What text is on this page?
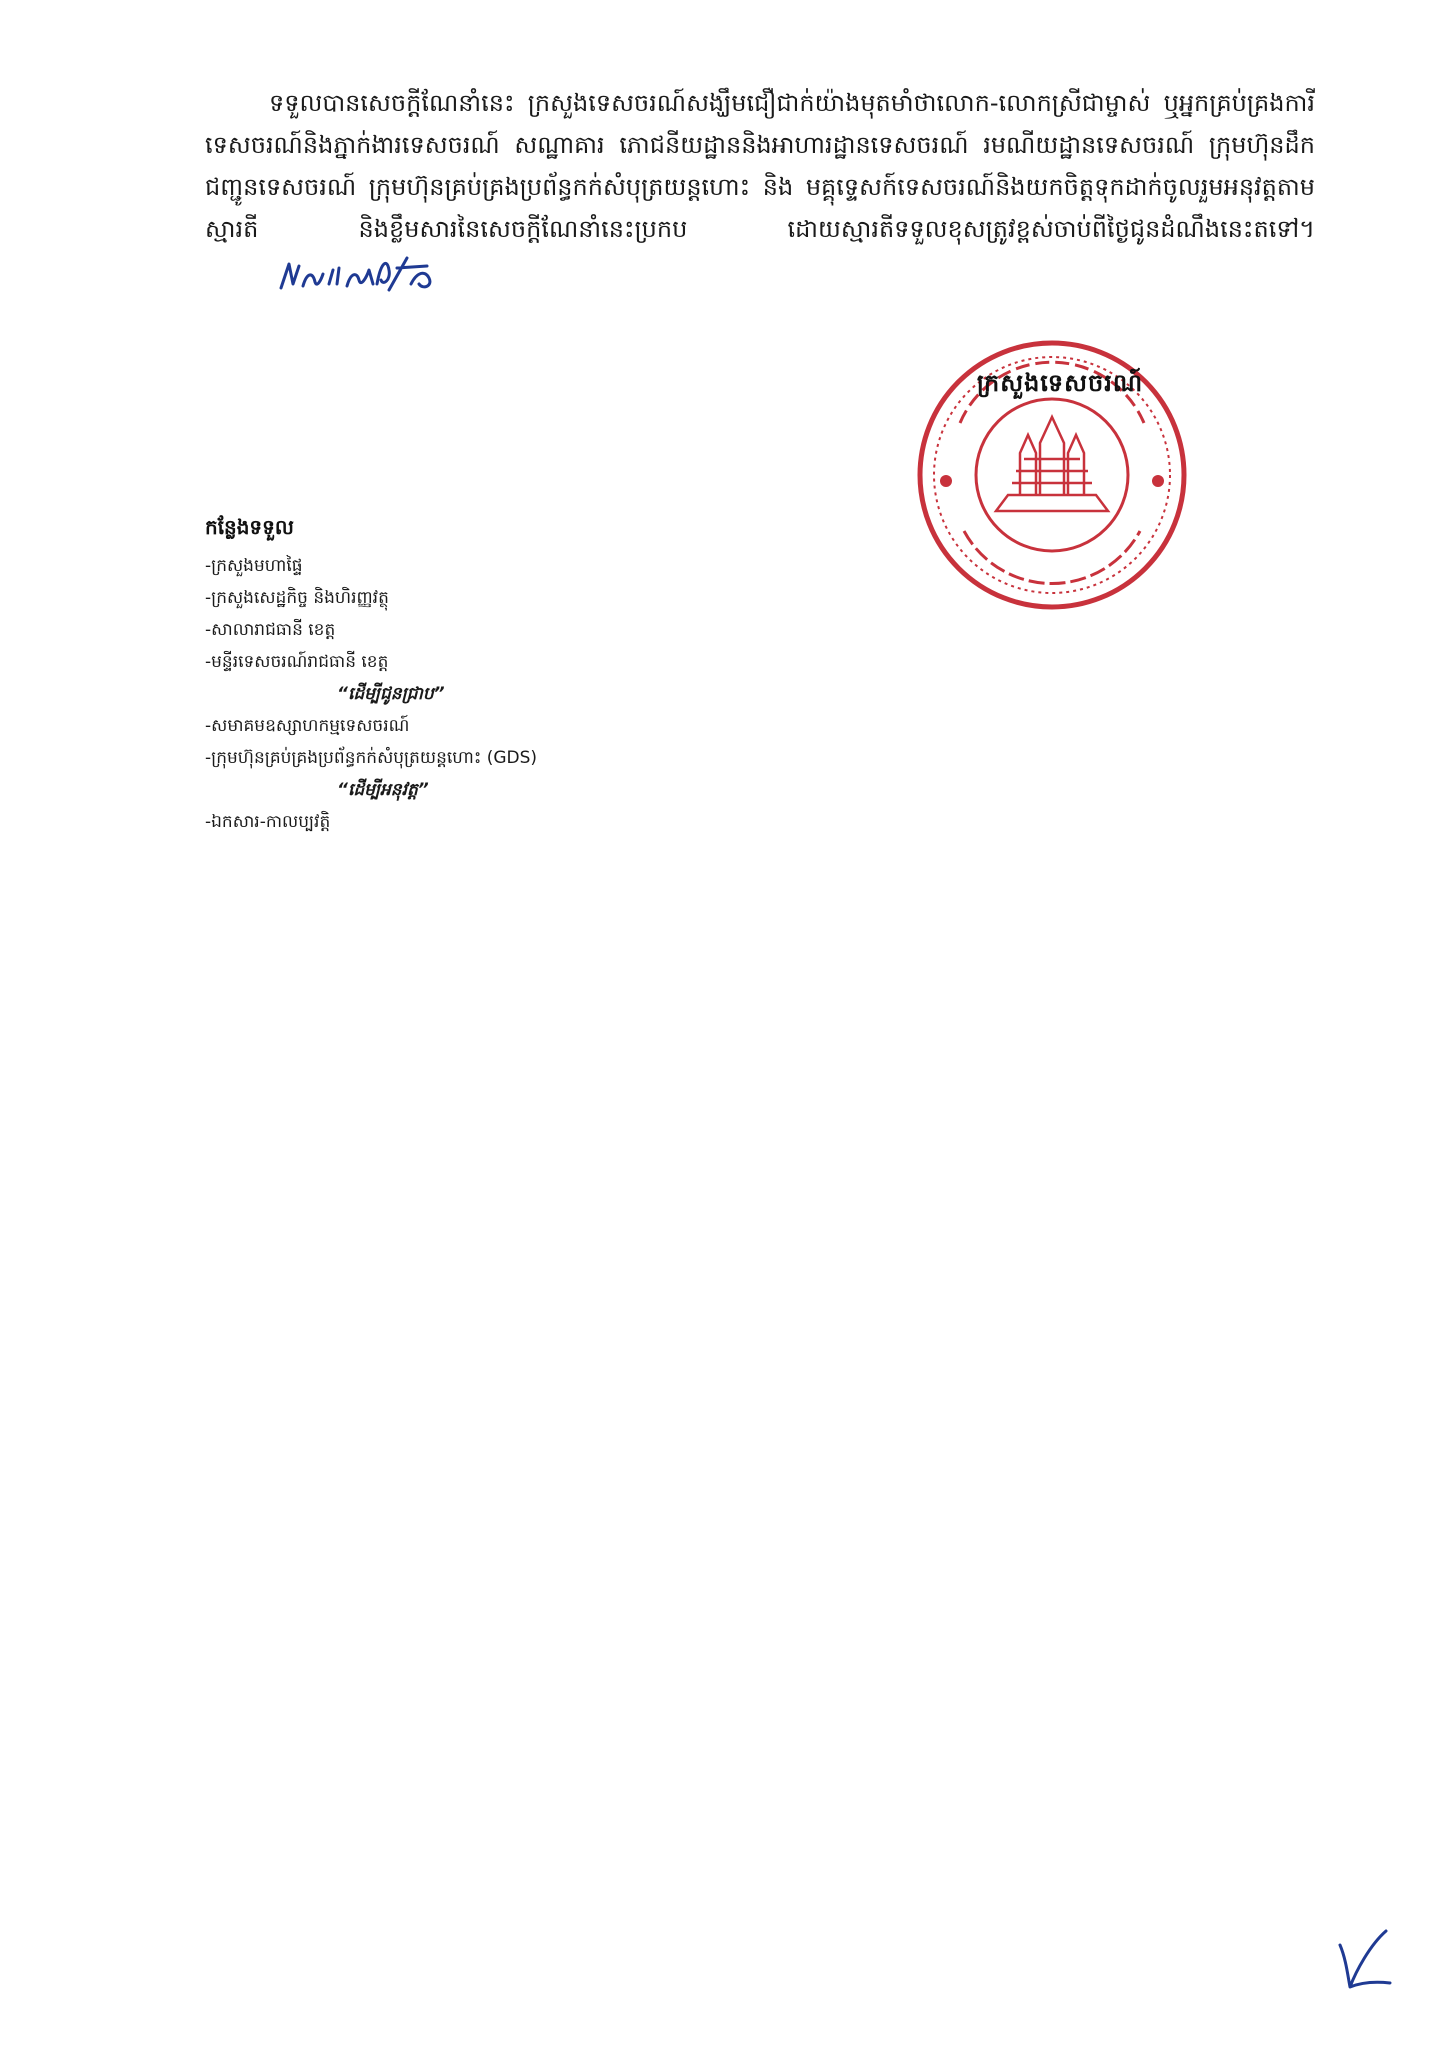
ទទួលបានសេចក្តីណែនាំនេះ ក្រសួងទេសចរណ៍សង្ឃឹមជឿជាក់យ៉ាងមុតមាំថាលោក-លោកស្រីជាម្ចាស់ ឬអ្នកគ្រប់គ្រងការីទេសចរណ៍និងភ្នាក់ងារទេសចរណ៍ សណ្ឋាគារ ភោជនីយដ្ឋាននិងអាហារដ្ឋានទេសចរណ៍ រមណីយដ្ឋានទេសចរណ៍ ក្រុមហ៊ុនដឹកជញ្ជូនទេសចរណ៍ ក្រុមហ៊ុនគ្រប់គ្រងប្រព័ន្ធកក់សំបុត្រយន្តហោះ និង មគ្គុទ្ទេសក៍ទេសចរណ៍និងយកចិត្តទុកដាក់ចូលរួមអនុវត្តតាមស្មារតី និងខ្លឹមសារនៃសេចក្តីណែនាំនេះប្រកប ដោយស្មារតីទទួលខុសត្រូវខ្ពស់ចាប់ពីថ្ងៃជូនដំណឹងនេះតទៅ។

ក្រសួងទេសចរណ៍
កន្លែងទទួល
-ក្រសួងមហាផ្ទៃ
-ក្រសួងសេដ្ឋកិច្ច និងហិរញ្ញវត្ថុ
-សាលារាជធានី ខេត្ត
-មន្ទីរទេសចរណ៍រាជធានី ខេត្ត
“ដើម្បីជូនជ្រាប”
-សមាគមឧស្សាហកម្មទេសចរណ៍
-ក្រុមហ៊ុនគ្រប់គ្រងប្រព័ន្ធកក់សំបុត្រយន្តហោះ (GDS)
“ដើម្បីអនុវត្ត”
-ឯកសារ-កាលប្បវត្តិ
